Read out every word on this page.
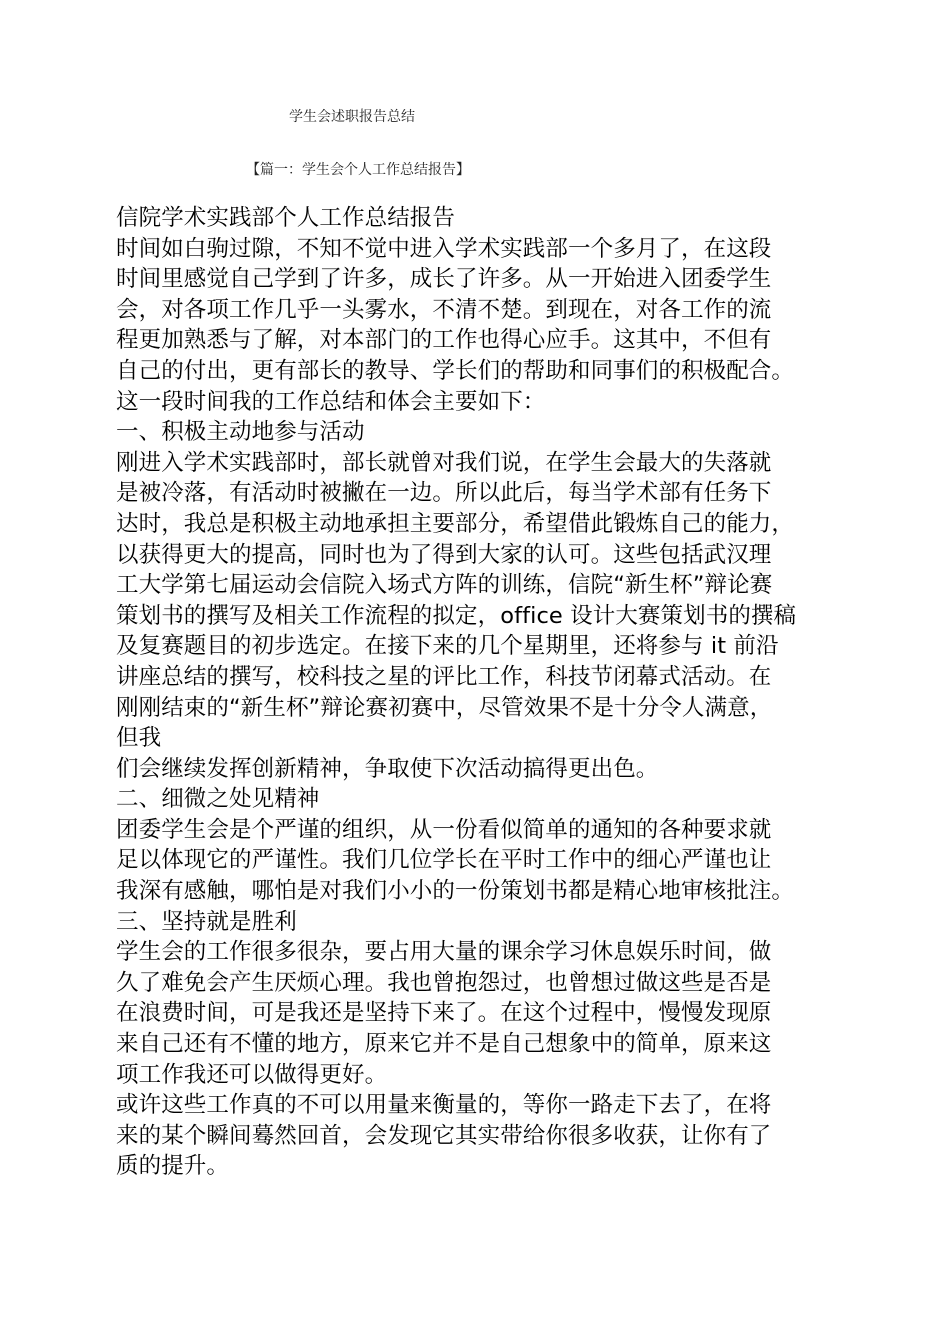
学生会述职报告总结
【篇一：学生会个人工作总结报告】
信院学术实践部个人工作总结报告
时间如白驹过隙，不知不觉中进入学术实践部一个多月了，在这段
时间里感觉自己学到了许多，成长了许多。从一开始进入团委学生
会，对各项工作几乎一头雾水，不清不楚。到现在，对各工作的流
程更加熟悉与了解，对本部门的工作也得心应手。这其中，不但有
自己的付出，更有部长的教导、学长们的帮助和同事们的积极配合。
这一段时间我的工作总结和体会主要如下：
一、积极主动地参与活动
刚进入学术实践部时，部长就曾对我们说，在学生会最大的失落就
是被冷落，有活动时被撇在一边。所以此后，每当学术部有任务下
达时，我总是积极主动地承担主要部分，希望借此锻炼自己的能力，
以获得更大的提高，同时也为了得到大家的认可。这些包括武汉理
工大学第七届运动会信院入场式方阵的训练，信院“新生杯”辩论赛
策划书的撰写及相关工作流程的拟定，office 设计大赛策划书的撰稿
及复赛题目的初步选定。在接下来的几个星期里，还将参与 it 前沿
讲座总结的撰写，校科技之星的评比工作，科技节闭幕式活动。在
刚刚结束的“新生杯”辩论赛初赛中，尽管效果不是十分令人满意，
但我
们会继续发挥创新精神，争取使下次活动搞得更出色。
二、细微之处见精神
团委学生会是个严谨的组织，从一份看似简单的通知的各种要求就
足以体现它的严谨性。我们几位学长在平时工作中的细心严谨也让
我深有感触，哪怕是对我们小小的一份策划书都是精心地审核批注。
三、坚持就是胜利
学生会的工作很多很杂，要占用大量的课余学习休息娱乐时间，做
久了难免会产生厌烦心理。我也曾抱怨过，也曾想过做这些是否是
在浪费时间，可是我还是坚持下来了。在这个过程中，慢慢发现原
来自己还有不懂的地方，原来它并不是自己想象中的简单，原来这
项工作我还可以做得更好。
或许这些工作真的不可以用量来衡量的，等你一路走下去了，在将
来的某个瞬间蓦然回首，会发现它其实带给你很多收获，让你有了
质的提升。
